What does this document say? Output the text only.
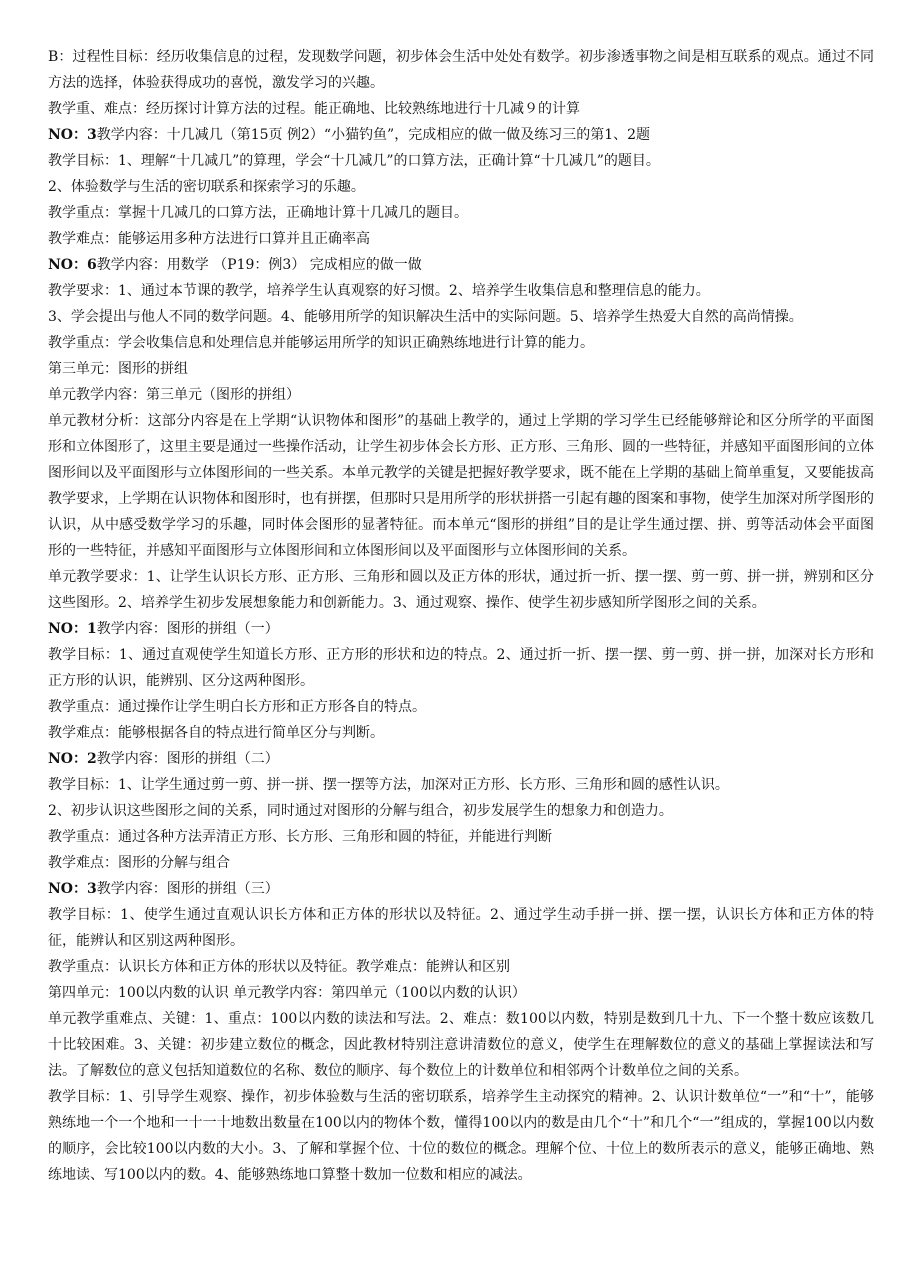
B：过程性目标：经历收集信息的过程，发现数学问题，初步体会生活中处处有数学。初步渗透事物之间是相互联系的观点。通过不同方法的选择，体验获得成功的喜悦，激发学习的兴趣。

教学重、难点：经历探讨计算方法的过程。能正确地、比较熟练地进行十几减９的计算

NO：3教学内容：十几减几（第15页 例2）“小猫钓鱼”，完成相应的做一做及练习三的第1、2题

教学目标：1、理解“十几减几”的算理，学会“十几减几”的口算方法，正确计算“十几减几”的题目。

2、体验数学与生活的密切联系和探索学习的乐趣。

教学重点：掌握十几减几的口算方法，正确地计算十几减几的题目。

教学难点：能够运用多种方法进行口算并且正确率高

NO：6教学内容：用数学 （P19：例3） 完成相应的做一做

教学要求：1、通过本节课的教学，培养学生认真观察的好习惯。2、培养学生收集信息和整理信息的能力。

3、学会提出与他人不同的数学问题。4、能够用所学的知识解决生活中的实际问题。5、培养学生热爱大自然的高尚情操。

教学重点：学会收集信息和处理信息并能够运用所学的知识正确熟练地进行计算的能力。

第三单元：图形的拼组

单元教学内容：第三单元（图形的拼组）

单元教材分析：这部分内容是在上学期“认识物体和图形”的基础上教学的，通过上学期的学习学生已经能够辩论和区分所学的平面图形和立体图形了，这里主要是通过一些操作活动，让学生初步体会长方形、正方形、三角形、圆的一些特征，并感知平面图形间的立体图形间以及平面图形与立体图形间的一些关系。本单元教学的关键是把握好教学要求，既不能在上学期的基础上简单重复，又要能拔高教学要求，上学期在认识物体和图形时，也有拼摆，但那时只是用所学的形状拼搭一引起有趣的图案和事物，使学生加深对所学图形的认识，从中感受数学学习的乐趣，同时体会图形的显著特征。而本单元“图形的拼组”目的是让学生通过摆、拼、剪等活动体会平面图形的一些特征，并感知平面图形与立体图形间和立体图形间以及平面图形与立体图形间的关系。

单元教学要求：1、让学生认识长方形、正方形、三角形和圆以及正方体的形状，通过折一折、摆一摆、剪一剪、拼一拼，辨别和区分这些图形。2、培养学生初步发展想象能力和创新能力。3、通过观察、操作、使学生初步感知所学图形之间的关系。

NO：1教学内容：图形的拼组（一）

教学目标：1、通过直观使学生知道长方形、正方形的形状和边的特点。2、通过折一折、摆一摆、剪一剪、拼一拼，加深对长方形和正方形的认识，能辨别、区分这两种图形。

教学重点：通过操作让学生明白长方形和正方形各自的特点。

教学难点：能够根据各自的特点进行简单区分与判断。

NO：2教学内容：图形的拼组（二）

教学目标：1、让学生通过剪一剪、拼一拼、摆一摆等方法，加深对正方形、长方形、三角形和圆的感性认识。

2、初步认识这些图形之间的关系，同时通过对图形的分解与组合，初步发展学生的想象力和创造力。

教学重点：通过各种方法弄清正方形、长方形、三角形和圆的特征，并能进行判断

教学难点：图形的分解与组合

NO：3教学内容：图形的拼组（三）

教学目标：1、使学生通过直观认识长方体和正方体的形状以及特征。2、通过学生动手拼一拼、摆一摆，认识长方体和正方体的特征，能辨认和区别这两种图形。

教学重点：认识长方体和正方体的形状以及特征。教学难点：能辨认和区别

第四单元：100以内数的认识 单元教学内容：第四单元（100以内数的认识）

单元教学重难点、关键：1、重点：100以内数的读法和写法。2、难点：数100以内数，特别是数到几十九、下一个整十数应该数几十比较困难。3、关键：初步建立数位的概念，因此教材特别注意讲清数位的意义，使学生在理解数位的意义的基础上掌握读法和写法。了解数位的意义包括知道数位的名称、数位的顺序、每个数位上的计数单位和相邻两个计数单位之间的关系。

教学目标：1、引导学生观察、操作，初步体验数与生活的密切联系，培养学生主动探究的精神。2、认识计数单位“一”和“十”，能够熟练地一个一个地和一十一十地数出数量在100以内的物体个数，懂得100以内的数是由几个“十”和几个“一”组成的，掌握100以内数的顺序，会比较100以内数的大小。3、了解和掌握个位、十位的数位的概念。理解个位、十位上的数所表示的意义，能够正确地、熟练地读、写100以内的数。4、能够熟练地口算整十数加一位数和相应的减法。
